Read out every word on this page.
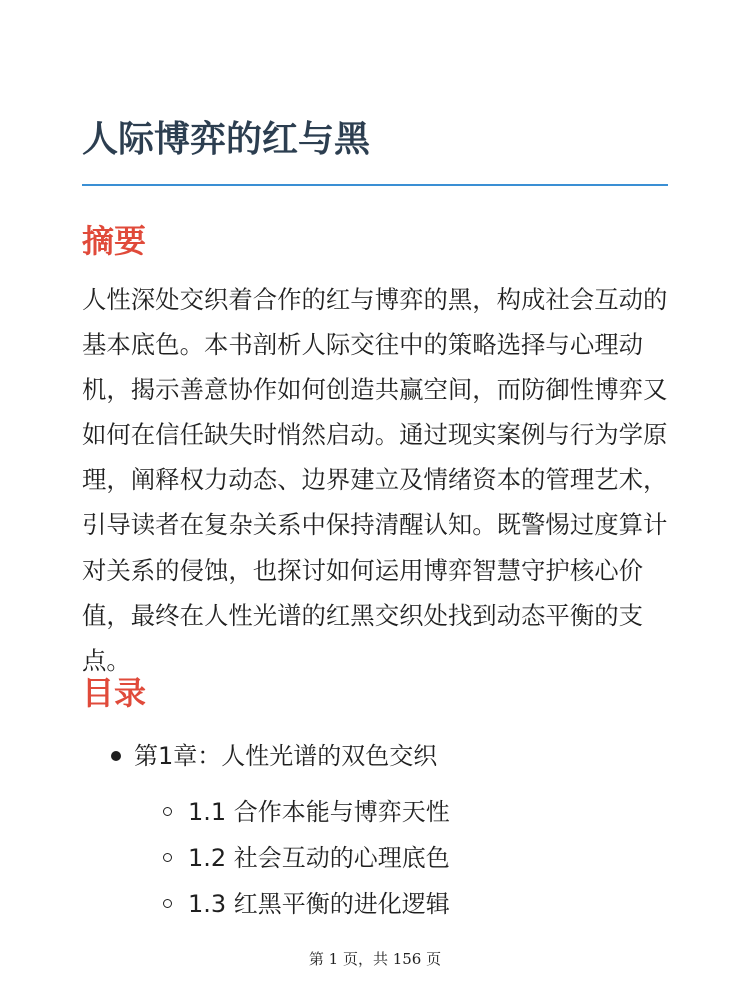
人际博弈的红与黑
摘要

人性深处交织着合作的红与博弈的黑，构成社会互动的基本底色。本书剖析人际交往中的策略选择与心理动机，揭示善意协作如何创造共赢空间，而防御性博弈又如何在信任缺失时悄然启动。通过现实案例与行为学原理，阐释权力动态、边界建立及情绪资本的管理艺术，引导读者在复杂关系中保持清醒认知。既警惕过度算计对关系的侵蚀，也探讨如何运用博弈智慧守护核心价值，最终在人性光谱的红黑交织处找到动态平衡的支点。

目录
第1章：人性光谱的双色交织
1.1 合作本能与博弈天性
1.2 社会互动的心理底色
1.3 红黑平衡的进化逻辑
第 1 页，共 156 页
